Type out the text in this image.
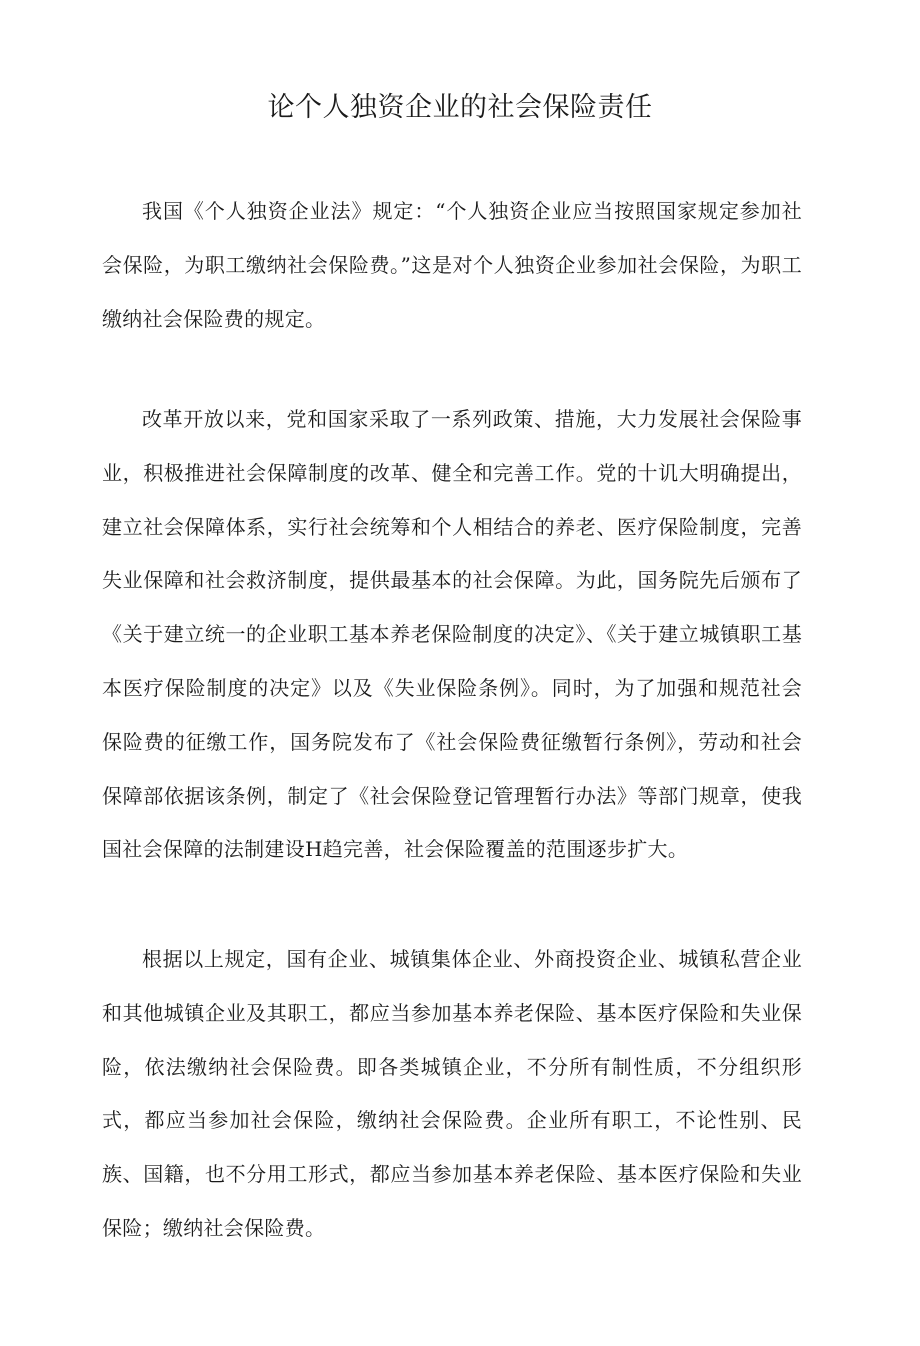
论个人独资企业的社会保险责任

我国《个人独资企业法》规定：“个人独资企业应当按照国家规定参加社会保险，为职工缴纳社会保险费。”这是对个人独资企业参加社会保险，为职工缴纳社会保险费的规定。

改革开放以来，党和国家采取了一系列政策、措施，大力发展社会保险事业，积极推进社会保障制度的改革、健全和完善工作。党的十讥大明确提出，建立社会保障体系，实行社会统筹和个人相结合的养老、医疗保险制度，完善失业保障和社会救济制度，提供最基本的社会保障。为此，国务院先后颁布了《关于建立统一的企业职工基本养老保险制度的决定》、《关于建立城镇职工基本医疗保险制度的决定》以及《失业保险条例》。同时，为了加强和规范社会保险费的征缴工作，国务院发布了《社会保险费征缴暂行条例》，劳动和社会保障部依据该条例，制定了《社会保险登记管理暂行办法》等部门规章，使我国社会保障的法制建设H趋完善，社会保险覆盖的范围逐步扩大。

根据以上规定，国有企业、城镇集体企业、外商投资企业、城镇私营企业和其他城镇企业及其职工，都应当参加基本养老保险、基本医疗保险和失业保险，依法缴纳社会保险费。即各类城镇企业，不分所有制性质，不分组织形式，都应当参加社会保险，缴纳社会保险费。企业所有职工，不论性别、民族、国籍，也不分用工形式，都应当参加基本养老保险、基本医疗保险和失业保险；缴纳社会保险费。
